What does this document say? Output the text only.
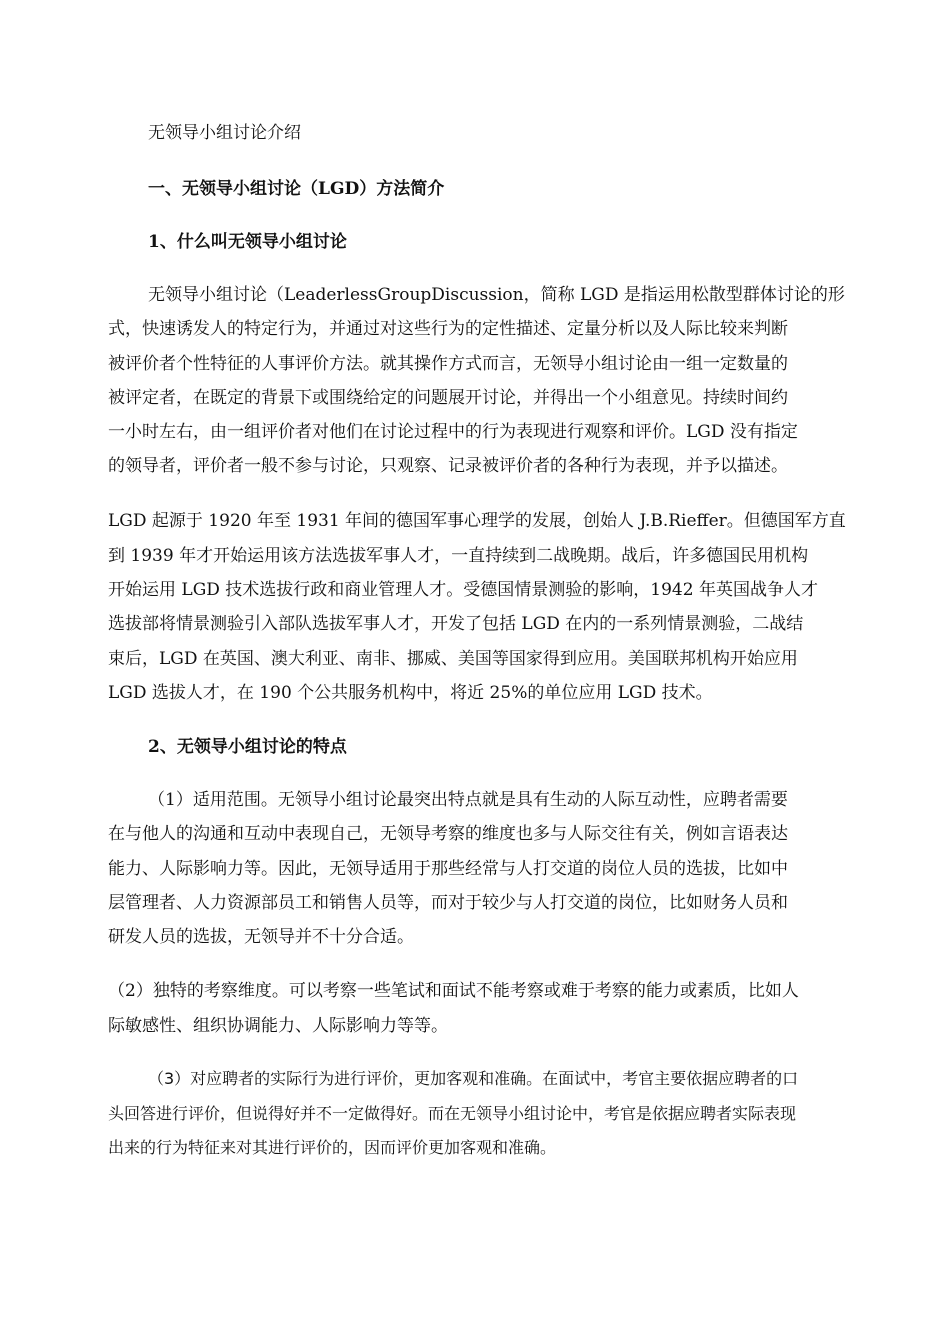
无领导小组讨论介绍
一、无领导小组讨论（LGD）方法简介
1、什么叫无领导小组讨论
无领导小组讨论（LeaderlessGroupDiscussion，简称 LGD 是指运用松散型群体讨论的形
式，快速诱发人的特定行为，并通过对这些行为的定性描述、定量分析以及人际比较来判断
被评价者个性特征的人事评价方法。就其操作方式而言，无领导小组讨论由一组一定数量的
被评定者，在既定的背景下或围绕给定的问题展开讨论，并得出一个小组意见。持续时间约
一小时左右，由一组评价者对他们在讨论过程中的行为表现进行观察和评价。LGD 没有指定
的领导者，评价者一般不参与讨论，只观察、记录被评价者的各种行为表现，并予以描述。
LGD 起源于 1920 年至 1931 年间的德国军事心理学的发展，创始人 J.B.Rieffer。但德国军方直
到 1939 年才开始运用该方法选拔军事人才，一直持续到二战晚期。战后，许多德国民用机构
开始运用 LGD 技术选拔行政和商业管理人才。受德国情景测验的影响，1942 年英国战争人才
选拔部将情景测验引入部队选拔军事人才，开发了包括 LGD 在内的一系列情景测验，二战结
束后，LGD 在英国、澳大利亚、南非、挪威、美国等国家得到应用。美国联邦机构开始应用
LGD 选拔人才，在 190 个公共服务机构中，将近 25%的单位应用 LGD 技术。
2、无领导小组讨论的特点
（1）适用范围。无领导小组讨论最突出特点就是具有生动的人际互动性，应聘者需要
在与他人的沟通和互动中表现自己，无领导考察的维度也多与人际交往有关，例如言语表达
能力、人际影响力等。因此，无领导适用于那些经常与人打交道的岗位人员的选拔，比如中
层管理者、人力资源部员工和销售人员等，而对于较少与人打交道的岗位，比如财务人员和
研发人员的选拔，无领导并不十分合适。
（2）独特的考察维度。可以考察一些笔试和面试不能考察或难于考察的能力或素质，比如人
际敏感性、组织协调能力、人际影响力等等。
（3）对应聘者的实际行为进行评价，更加客观和准确。在面试中，考官主要依据应聘者的口
头回答进行评价，但说得好并不一定做得好。而在无领导小组讨论中，考官是依据应聘者实际表现
出来的行为特征来对其进行评价的，因而评价更加客观和准确。
